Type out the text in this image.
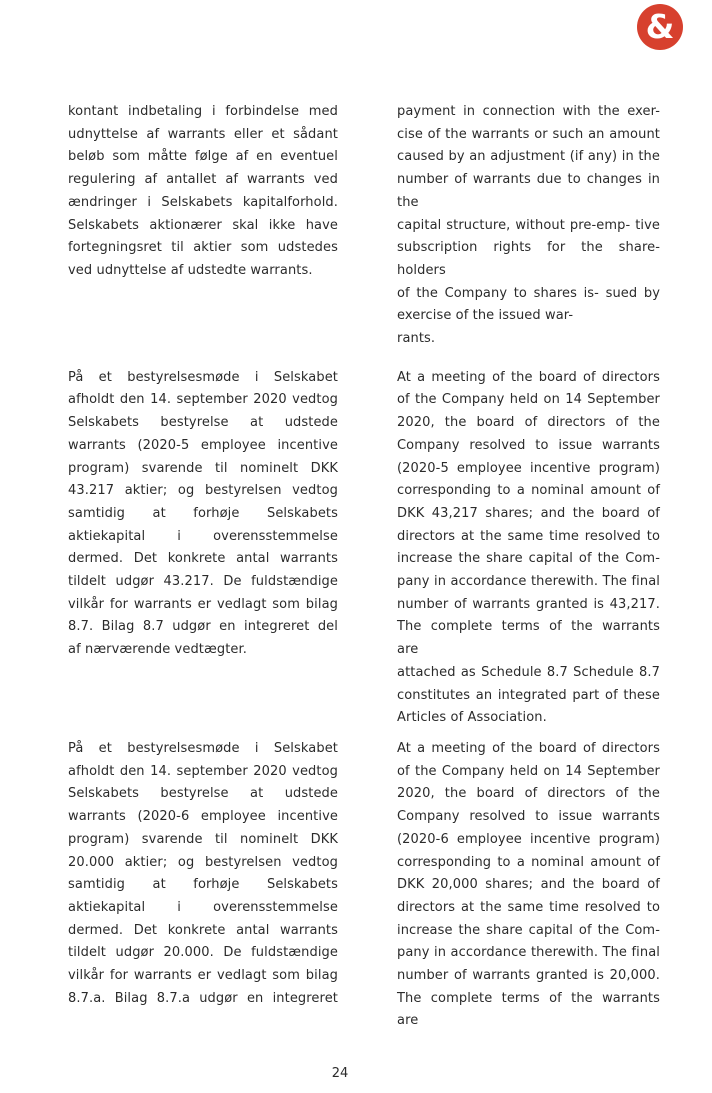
&
kontant indbetaling i forbindelse med
udnyttelse af warrants eller et sådant
beløb som måtte følge af en eventuel
regulering af antallet af warrants ved
ændringer i Selskabets kapitalforhold.
Selskabets aktionærer skal ikke have
fortegningsret til aktier som udstedes
ved udnyttelse af udstedte warrants.
payment in connection with the exer-
cise of the warrants or such an amount
caused by an adjustment (if any) in the
number of warrants due to changes in the
capital structure, without pre-emp- tive
subscription rights for the share- holders
of the Company to shares is- sued by
exercise of the issued war-
rants.
På et bestyrelsesmøde i Selskabet
afholdt den 14. september 2020 vedtog
Selskabets bestyrelse at udstede
warrants (2020-5 employee incentive
program) svarende til nominelt DKK
43.217 aktier; og bestyrelsen vedtog
samtidig at forhøje Selskabets
aktiekapital i overensstemmelse
dermed. Det konkrete antal warrants
tildelt udgør 43.217. De fuldstændige
vilkår for warrants er vedlagt som bilag
8.7. Bilag 8.7 udgør en integreret del
af nærværende vedtægter.
At a meeting of the board of directors
of the Company held on 14 September
2020, the board of directors of the
Company resolved to issue warrants
(2020-5 employee incentive program)
corresponding to a nominal amount of
DKK 43,217 shares; and the board of
directors at the same time resolved to
increase the share capital of the Com-
pany in accordance therewith. The final
number of warrants granted is 43,217.
The complete terms of the warrants are
attached as Schedule 8.7 Schedule 8.7
constitutes an integrated part of these
Articles of Association.
På et bestyrelsesmøde i Selskabet
afholdt den 14. september 2020 vedtog
Selskabets bestyrelse at udstede
warrants (2020-6 employee incentive
program) svarende til nominelt DKK
20.000 aktier; og bestyrelsen vedtog
samtidig at forhøje Selskabets
aktiekapital i overensstemmelse
dermed. Det konkrete antal warrants
tildelt udgør 20.000. De fuldstændige
vilkår for warrants er vedlagt som bilag
8.7.a. Bilag 8.7.a udgør en integreret
At a meeting of the board of directors
of the Company held on 14 September
2020, the board of directors of the
Company resolved to issue warrants
(2020-6 employee incentive program)
corresponding to a nominal amount of
DKK 20,000 shares; and the board of
directors at the same time resolved to
increase the share capital of the Com-
pany in accordance therewith. The final
number of warrants granted is 20,000.
The complete terms of the warrants are
24
